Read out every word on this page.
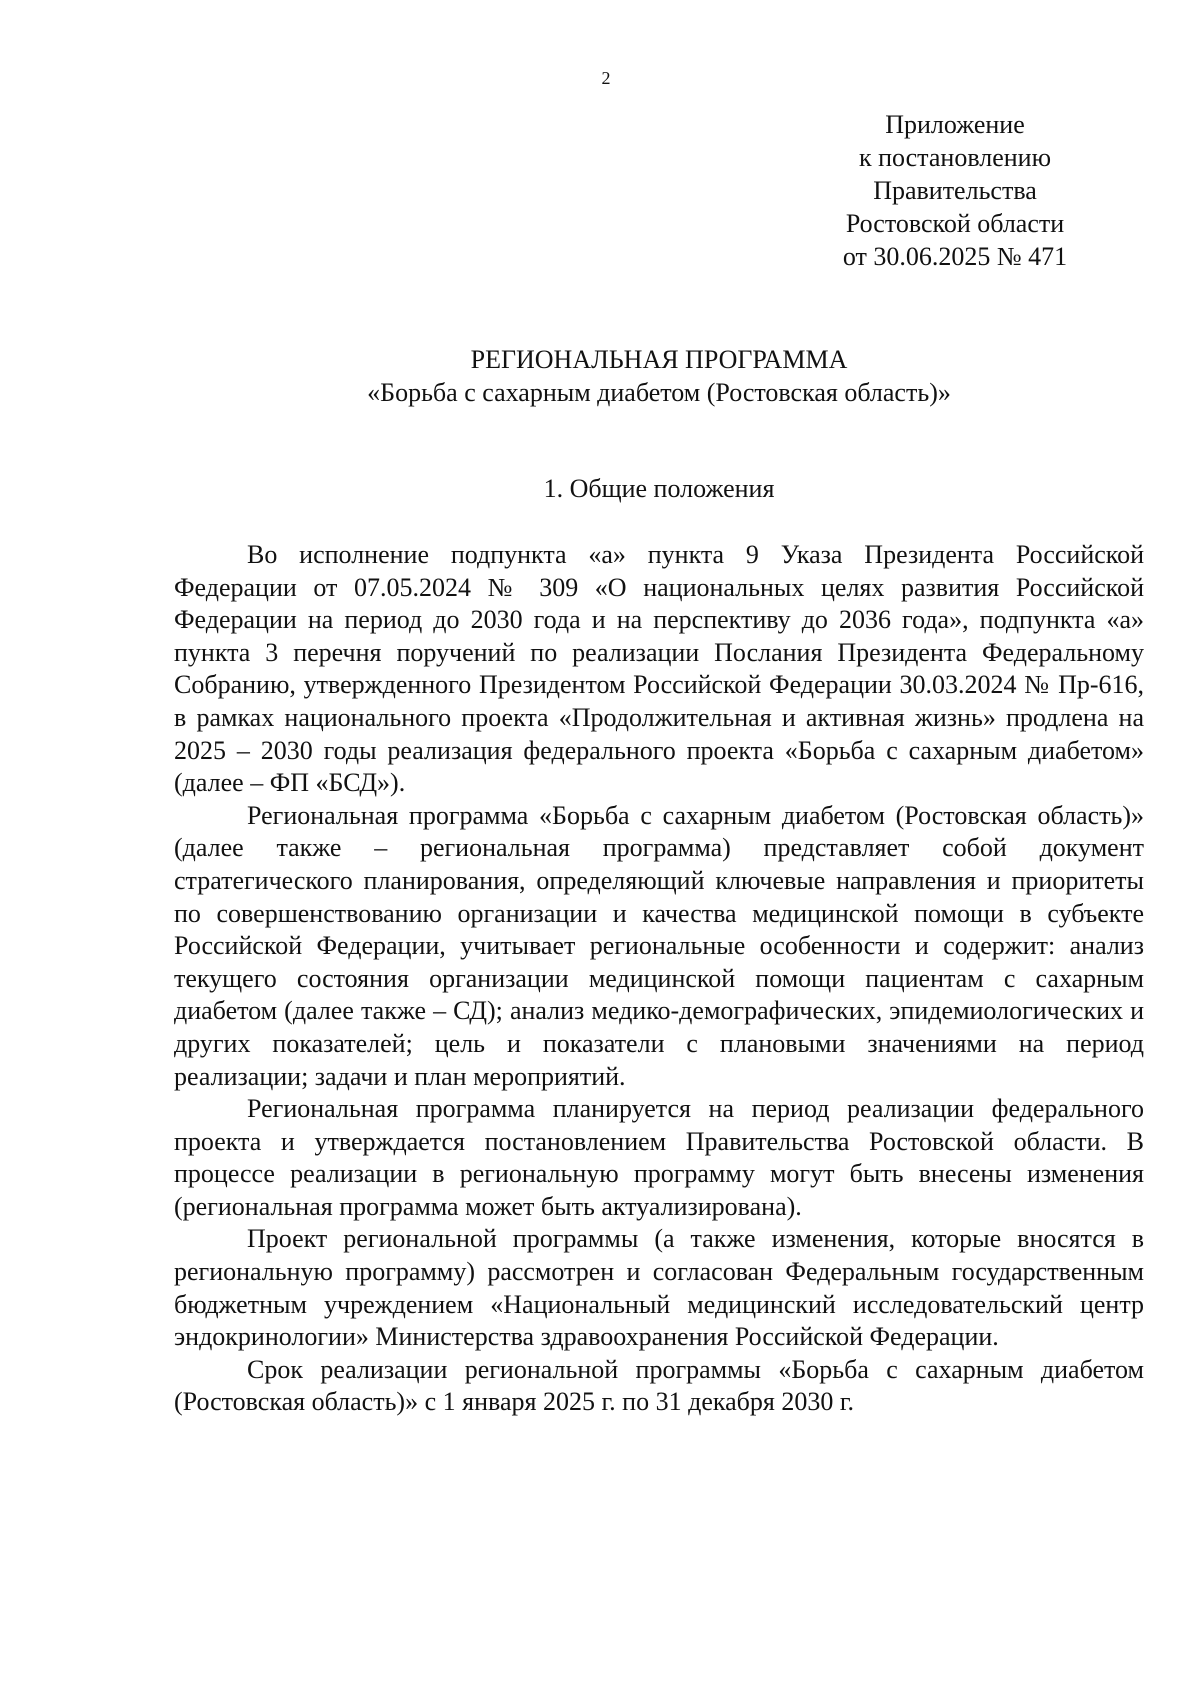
2
Приложение
к постановлению
Правительства
Ростовской области
от 30.06.2025 № 471
РЕГИОНАЛЬНАЯ ПРОГРАММА
«Борьба с сахарным диабетом (Ростовская область)»
1. Общие положения

Во исполнение подпункта «а» пункта 9 Указа Президента Российской Федерации от 07.05.2024 № 309 «О национальных целях развития Российской Федерации на период до 2030 года и на перспективу до 2036 года», подпункта «а» пункта 3 перечня поручений по реализации Послания Президента Федеральному Собранию, утвержденного Президентом Российской Федерации 30.03.2024 № Пр-616, в рамках национального проекта «Продолжительная и активная жизнь» продлена на 2025 – 2030 годы реализация федерального проекта «Борьба с сахарным диабетом» (далее – ФП «БСД»).

Региональная программа «Борьба с сахарным диабетом (Ростовская область)» (далее также – региональная программа) представляет собой документ стратегического планирования, определяющий ключевые направления и приоритеты по совершенствованию организации и качества медицинской помощи в субъекте Российской Федерации, учитывает региональные особенности и содержит: анализ текущего состояния организации медицинской помощи пациентам с сахарным диабетом (далее также – СД); анализ медико-демографических, эпидемиологических и других показателей; цель и показатели с плановыми значениями на период реализации; задачи и план мероприятий.

Региональная программа планируется на период реализации федерального проекта и утверждается постановлением Правительства Ростовской области. В процессе реализации в региональную программу могут быть внесены изменения (региональная программа может быть актуализирована).

Проект региональной программы (а также изменения, которые вносятся в региональную программу) рассмотрен и согласован Федеральным государственным бюджетным учреждением «Национальный медицинский исследовательский центр эндокринологии» Министерства здравоохранения Российской Федерации.

Срок реализации региональной программы «Борьба с сахарным диабетом (Ростовская область)» с 1 января 2025 г. по 31 декабря 2030 г.
